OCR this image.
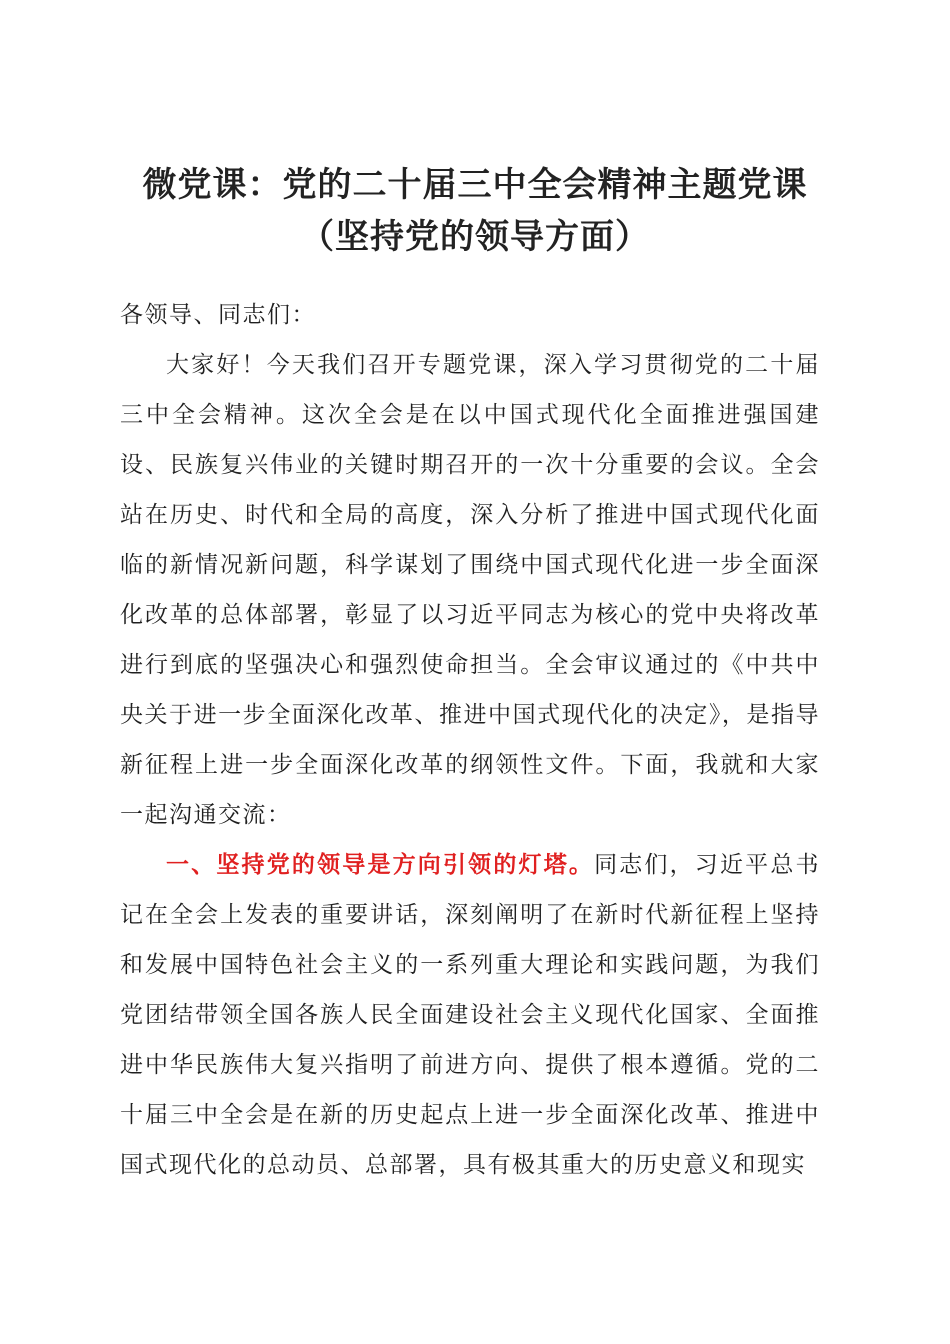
微党课：党的二十届三中全会精神主题党课
（坚持党的领导方面）
各领导、同志们：

大家好！今天我们召开专题党课，深入学习贯彻党的二十届三中全会精神。这次全会是在以中国式现代化全面推进强国建设、民族复兴伟业的关键时期召开的一次十分重要的会议。全会站在历史、时代和全局的高度，深入分析了推进中国式现代化面临的新情况新问题，科学谋划了围绕中国式现代化进一步全面深化改革的总体部署，彰显了以习近平同志为核心的党中央将改革进行到底的坚强决心和强烈使命担当。全会审议通过的《中共中央关于进一步全面深化改革、推进中国式现代化的决定》，是指导新征程上进一步全面深化改革的纲领性文件。下面，我就和大家一起沟通交流：

一、坚持党的领导是方向引领的灯塔。同志们，习近平总书记在全会上发表的重要讲话，深刻阐明了在新时代新征程上坚持和发展中国特色社会主义的一系列重大理论和实践问题，为我们党团结带领全国各族人民全面建设社会主义现代化国家、全面推进中华民族伟大复兴指明了前进方向、提供了根本遵循。党的二十届三中全会是在新的历史起点上进一步全面深化改革、推进中国式现代化的总动员、总部署，具有极其重大的历史意义和现实
